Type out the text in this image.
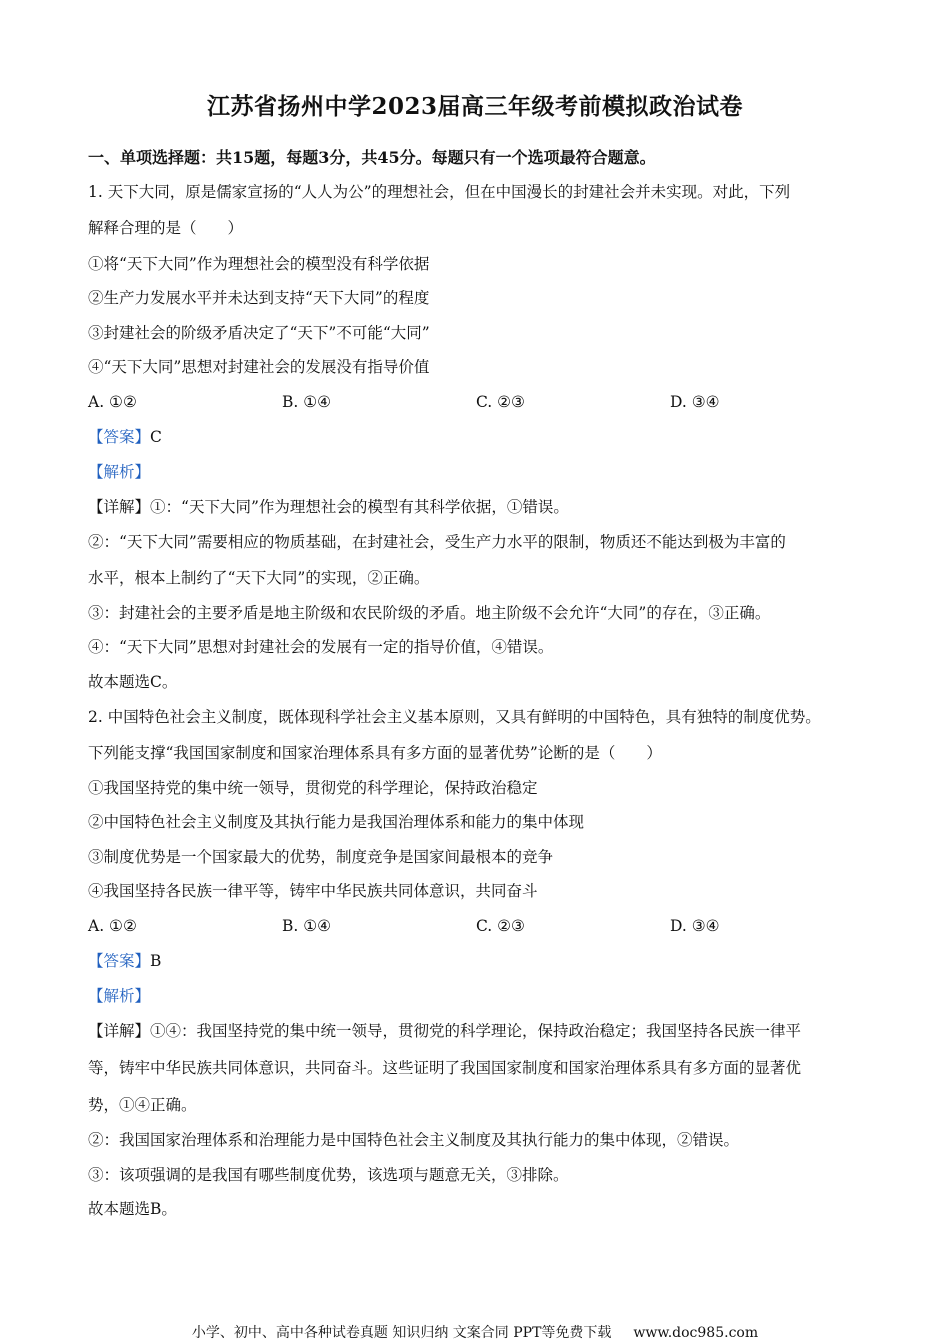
江苏省扬州中学2023届高三年级考前模拟政治试卷
一、单项选择题：共15题，每题3分，共45分。每题只有一个选项最符合题意。
1. 天下大同，原是儒家宣扬的“人人为公”的理想社会，但在中国漫长的封建社会并未实现。对此，下列
解释合理的是（　　）
①将“天下大同”作为理想社会的模型没有科学依据
②生产力发展水平并未达到支持“天下大同”的程度
③封建社会的阶级矛盾决定了“天下”不可能“大同”
④“天下大同”思想对封建社会的发展没有指导价值
A. ①②	B. ①④	C. ②③	D. ③④
【答案】C
【解析】
【详解】①：“天下大同”作为理想社会的模型有其科学依据，①错误。
②：“天下大同”需要相应的物质基础，在封建社会，受生产力水平的限制，物质还不能达到极为丰富的
水平，根本上制约了“天下大同”的实现，②正确。
③：封建社会的主要矛盾是地主阶级和农民阶级的矛盾。地主阶级不会允许“大同”的存在，③正确。
④：“天下大同”思想对封建社会的发展有一定的指导价值，④错误。
故本题选C。
2. 中国特色社会主义制度，既体现科学社会主义基本原则，又具有鲜明的中国特色，具有独特的制度优势。
下列能支撑“我国国家制度和国家治理体系具有多方面的显著优势”论断的是（　　）
①我国坚持党的集中统一领导，贯彻党的科学理论，保持政治稳定
②中国特色社会主义制度及其执行能力是我国治理体系和能力的集中体现
③制度优势是一个国家最大的优势，制度竞争是国家间最根本的竞争
④我国坚持各民族一律平等，铸牢中华民族共同体意识，共同奋斗
A. ①②	B. ①④	C. ②③	D. ③④
【答案】B
【解析】
【详解】①④：我国坚持党的集中统一领导，贯彻党的科学理论，保持政治稳定；我国坚持各民族一律平
等，铸牢中华民族共同体意识，共同奋斗。这些证明了我国国家制度和国家治理体系具有多方面的显著优
势，①④正确。
②：我国国家治理体系和治理能力是中国特色社会主义制度及其执行能力的集中体现，②错误。
③：该项强调的是我国有哪些制度优势，该选项与题意无关，③排除。
故本题选B。
小学、初中、高中各种试卷真题 知识归纳 文案合同 PPT等免费下载 www.doc985.com
